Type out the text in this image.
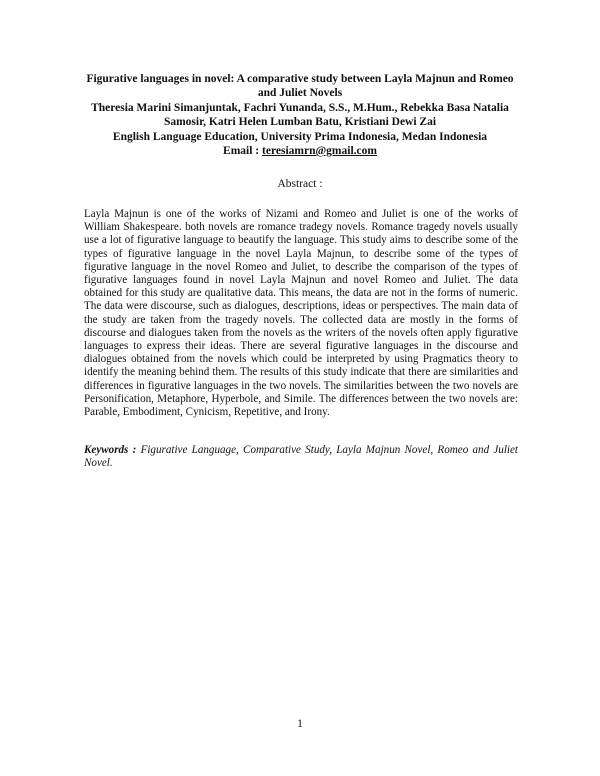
Figurative languages in novel: A comparative study between Layla Majnun and Romeo
and Juliet Novels
Theresia Marini Simanjuntak, Fachri Yunanda, S.S., M.Hum., Rebekka Basa Natalia
Samosir, Katri Helen Lumban Batu, Kristiani Dewi Zai
English Language Education, University Prima Indonesia, Medan Indonesia
Email : teresiamrn@gmail.com
Abstract :

Layla Majnun is one of the works of Nizami and Romeo and Juliet is one of the works of William Shakespeare. both novels are romance tradegy novels. Romance tragedy novels usually use a lot of figurative language to beautify the language. This study aims to describe some of the types of figurative language in the novel Layla Majnun, to describe some of the types of figurative language in the novel Romeo and Juliet, to describe the comparison of the types of figurative languages found in novel Layla Majnun and novel Romeo and Juliet. The data obtained for this study are qualitative data. This means, the data are not in the forms of numeric. The data were discourse, such as dialogues, descriptions, ideas or perspectives. The main data of the study are taken from the tragedy novels. The collected data are mostly in the forms of discourse and dialogues taken from the novels as the writers of the novels often apply figurative languages to express their ideas. There are several figurative languages in the discourse and dialogues obtained from the novels which could be interpreted by using Pragmatics theory to identify the meaning behind them. The results of this study indicate that there are similarities and differences in figurative languages in the two novels. The similarities between the two novels are Personification, Metaphore, Hyperbole, and Simile. The differences between the two novels are: Parable, Embodiment, Cynicism, Repetitive, and Irony.

Keywords : Figurative Language, Comparative Study, Layla Majnun Novel, Romeo and Juliet Novel.

1
